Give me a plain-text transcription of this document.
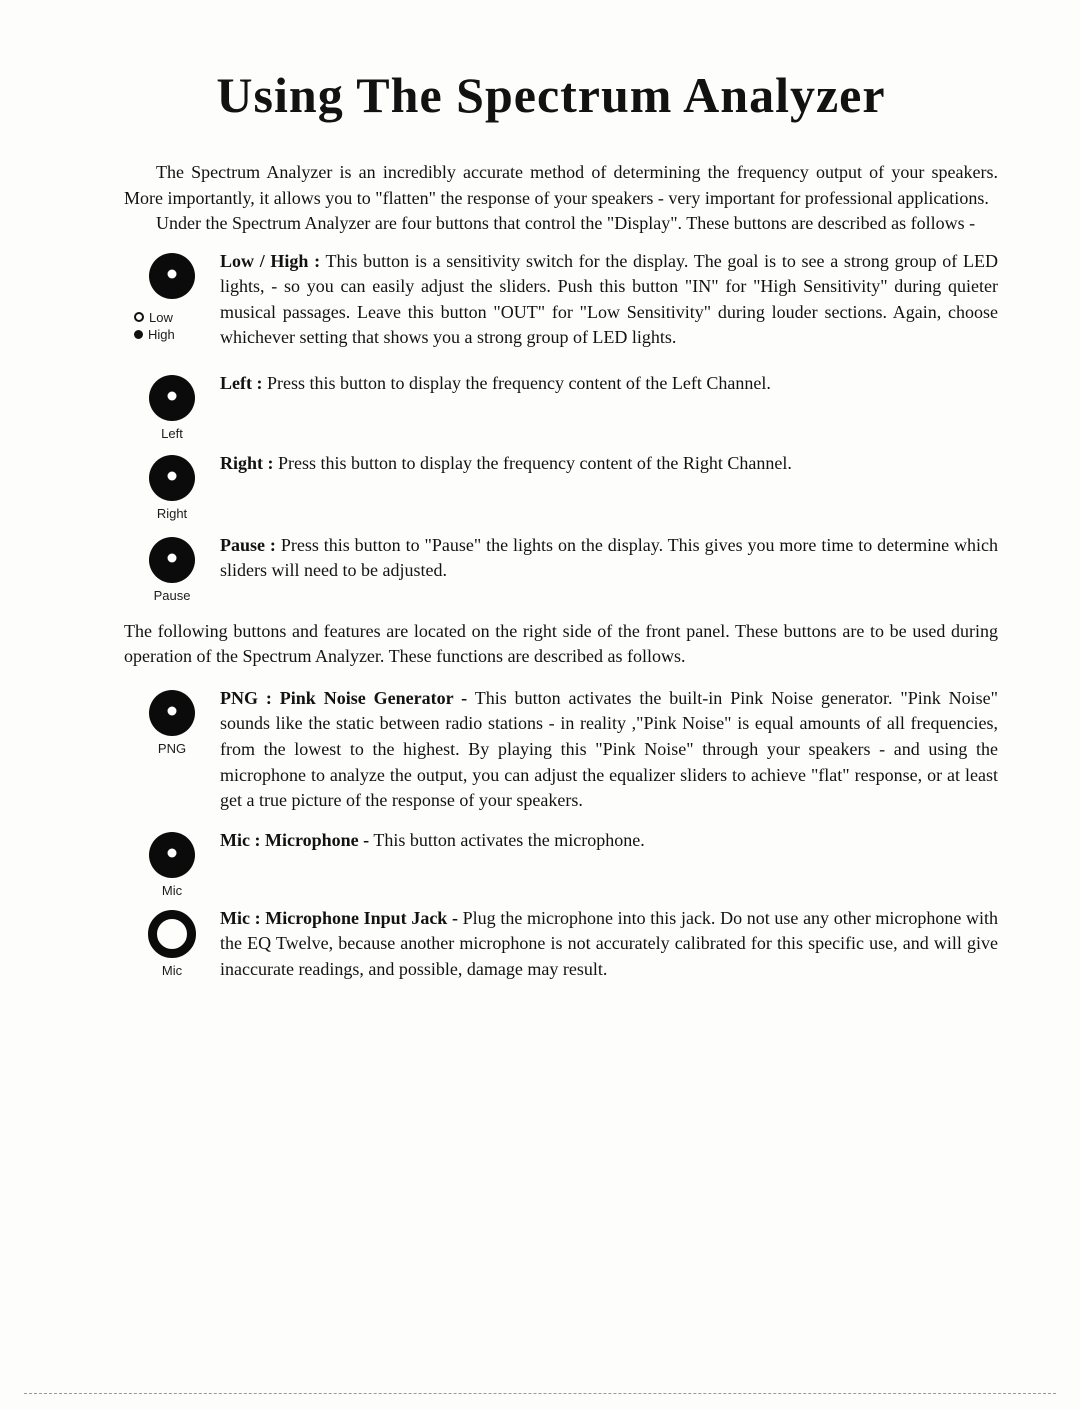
Using The Spectrum Analyzer

The Spectrum Analyzer is an incredibly accurate method of determining the frequency output of your speakers. More importantly, it allows you to "flatten" the response of your speakers - very important for professional applications.

Under the Spectrum Analyzer are four buttons that control the "Display". These buttons are described as follows -

Low
High
Low / High : This button is a sensitivity switch for the display. The goal is to see a strong group of LED lights, - so you can easily adjust the sliders. Push this button "IN" for "High Sensitivity" during quieter musical passages. Leave this button "OUT" for "Low Sensitivity" during louder sections. Again, choose whichever setting that shows you a strong group of LED lights.
Left
Left : Press this button to display the frequency content of the Left Channel.
Right
Right : Press this button to display the frequency content of the Right Channel.
Pause
Pause : Press this button to "Pause" the lights on the display. This gives you more time to determine which sliders will need to be adjusted.

The following buttons and features are located on the right side of the front panel. These buttons are to be used during operation of the Spectrum Analyzer. These functions are described as follows.

PNG
PNG : Pink Noise Generator - This button activates the built-in Pink Noise generator. "Pink Noise" sounds like the static between radio stations - in reality ,"Pink Noise" is equal amounts of all frequencies, from the lowest to the highest. By playing this "Pink Noise" through your speakers - and using the microphone to analyze the output, you can adjust the equalizer sliders to achieve "flat" response, or at least get a true picture of the response of your speakers.
Mic
Mic : Microphone - This button activates the microphone.
Mic
Mic : Microphone Input Jack - Plug the microphone into this jack. Do not use any other microphone with the EQ Twelve, because another microphone is not accurately calibrated for this specific use, and will give inaccurate readings, and possible, damage may result.
